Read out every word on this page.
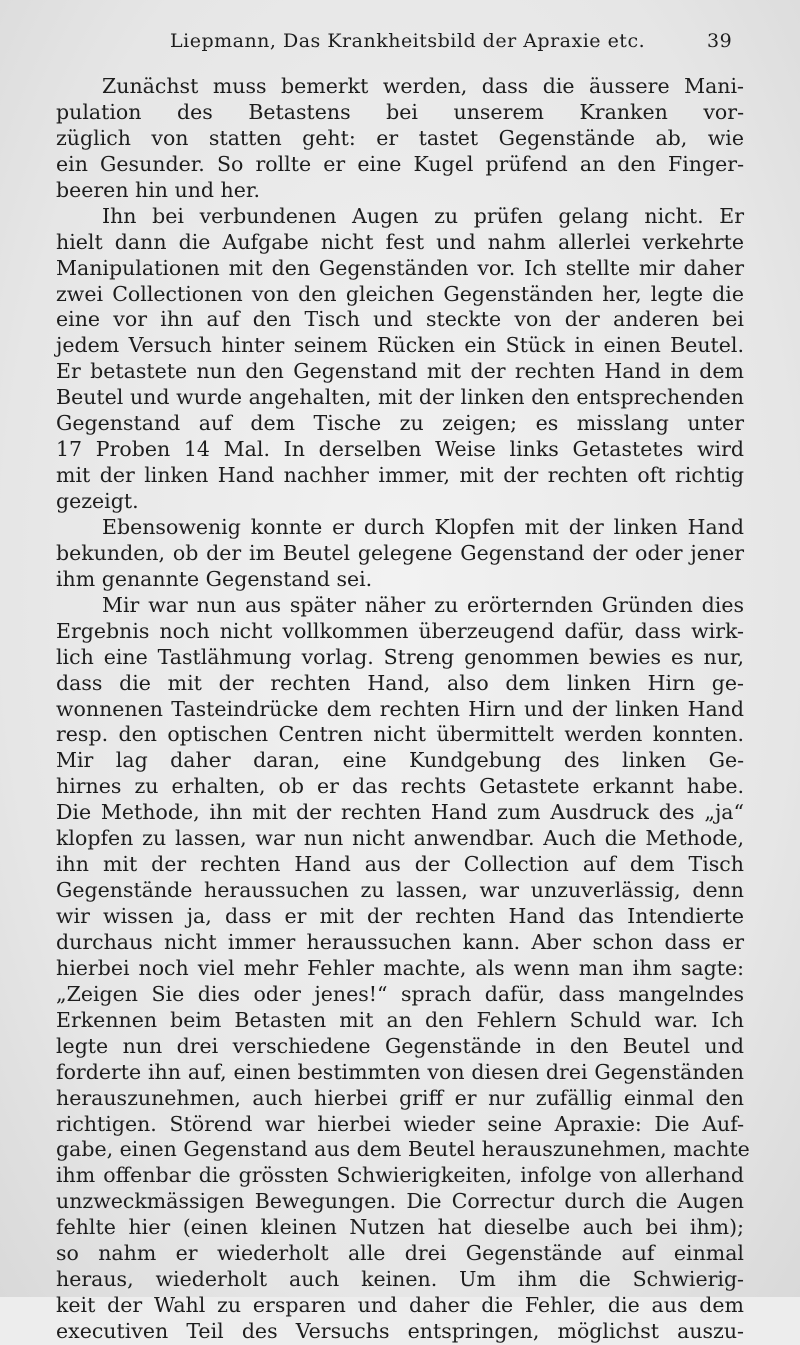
Liepmann, Das Krankheitsbild der Apraxie etc.	39
Zunächst muss bemerkt werden, dass die äussere Mani-
pulation des Betastens bei unserem Kranken vor-
züglich von statten geht: er tastet Gegenstände ab, wie
ein Gesunder. So rollte er eine Kugel prüfend an den Finger-
beeren hin und her.
Ihn bei verbundenen Augen zu prüfen gelang nicht. Er
hielt dann die Aufgabe nicht fest und nahm allerlei verkehrte
Manipulationen mit den Gegenständen vor. Ich stellte mir daher
zwei Collectionen von den gleichen Gegenständen her, legte die
eine vor ihn auf den Tisch und steckte von der anderen bei
jedem Versuch hinter seinem Rücken ein Stück in einen Beutel.
Er betastete nun den Gegenstand mit der rechten Hand in dem
Beutel und wurde angehalten, mit der linken den entsprechenden
Gegenstand auf dem Tische zu zeigen; es misslang unter
17 Proben 14 Mal. In derselben Weise links Getastetes wird
mit der linken Hand nachher immer, mit der rechten oft richtig
gezeigt.
Ebensowenig konnte er durch Klopfen mit der linken Hand
bekunden, ob der im Beutel gelegene Gegenstand der oder jener
ihm genannte Gegenstand sei.
Mir war nun aus später näher zu erörternden Gründen dies
Ergebnis noch nicht vollkommen überzeugend dafür, dass wirk-
lich eine Tastlähmung vorlag. Streng genommen bewies es nur,
dass die mit der rechten Hand, also dem linken Hirn ge-
wonnenen Tasteindrücke dem rechten Hirn und der linken Hand
resp. den optischen Centren nicht übermittelt werden konnten.
Mir lag daher daran, eine Kundgebung des linken Ge-
hirnes zu erhalten, ob er das rechts Getastete erkannt habe.
Die Methode, ihn mit der rechten Hand zum Ausdruck des „ja“
klopfen zu lassen, war nun nicht anwendbar. Auch die Methode,
ihn mit der rechten Hand aus der Collection auf dem Tisch
Gegenstände heraussuchen zu lassen, war unzuverlässig, denn
wir wissen ja, dass er mit der rechten Hand das Intendierte
durchaus nicht immer heraussuchen kann. Aber schon dass er
hierbei noch viel mehr Fehler machte, als wenn man ihm sagte:
„Zeigen Sie dies oder jenes!“ sprach dafür, dass mangelndes
Erkennen beim Betasten mit an den Fehlern Schuld war. Ich
legte nun drei verschiedene Gegenstände in den Beutel und
forderte ihn auf, einen bestimmten von diesen drei Gegenständen
herauszunehmen, auch hierbei griff er nur zufällig einmal den
richtigen. Störend war hierbei wieder seine Apraxie: Die Auf-
gabe, einen Gegenstand aus dem Beutel herauszunehmen, machte
ihm offenbar die grössten Schwierigkeiten, infolge von allerhand
unzweckmässigen Bewegungen. Die Correctur durch die Augen
fehlte hier (einen kleinen Nutzen hat dieselbe auch bei ihm);
so nahm er wiederholt alle drei Gegenstände auf einmal
heraus, wiederholt auch keinen. Um ihm die Schwierig-
keit der Wahl zu ersparen und daher die Fehler, die aus dem
executiven Teil des Versuchs entspringen, möglichst auszu-
